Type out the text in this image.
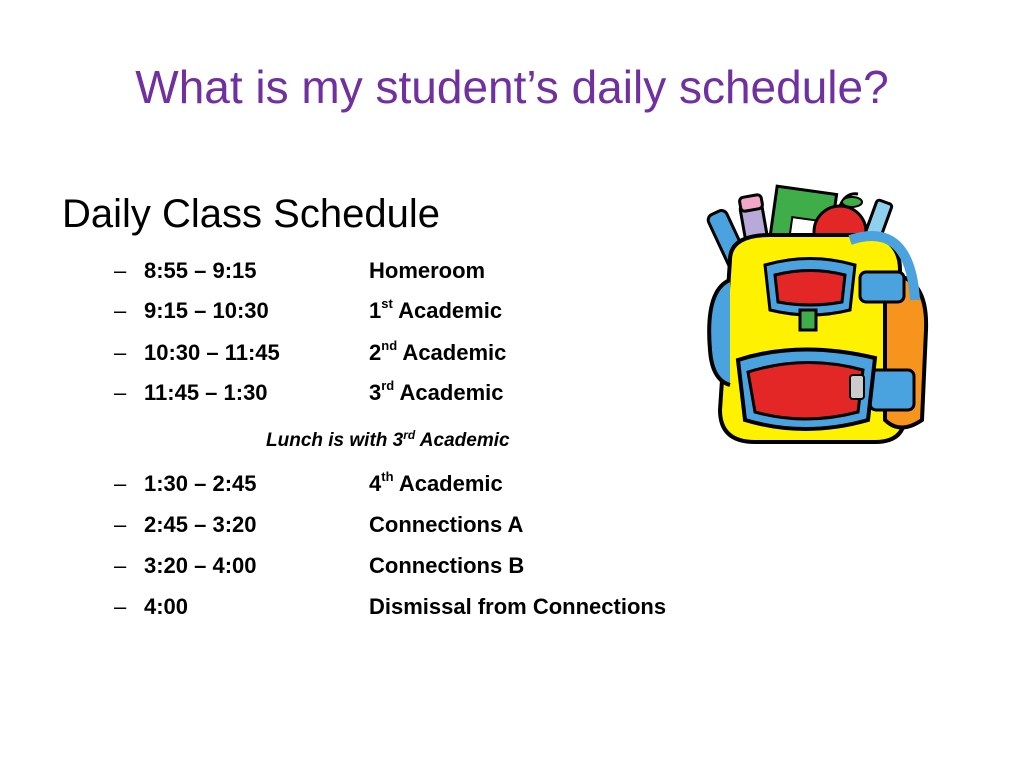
What is my student’s daily schedule?
Daily Class Schedule
– 8:55 – 9:15	Homeroom
– 9:15 – 10:30	1st Academic
– 10:30 – 11:45	2nd Academic
– 11:45 – 1:30	3rd Academic
Lunch is with 3rd Academic
– 1:30 – 2:45	4th Academic
– 2:45 – 3:20	Connections A
– 3:20 – 4:00	Connections B
– 4:00	Dismissal from Connections
